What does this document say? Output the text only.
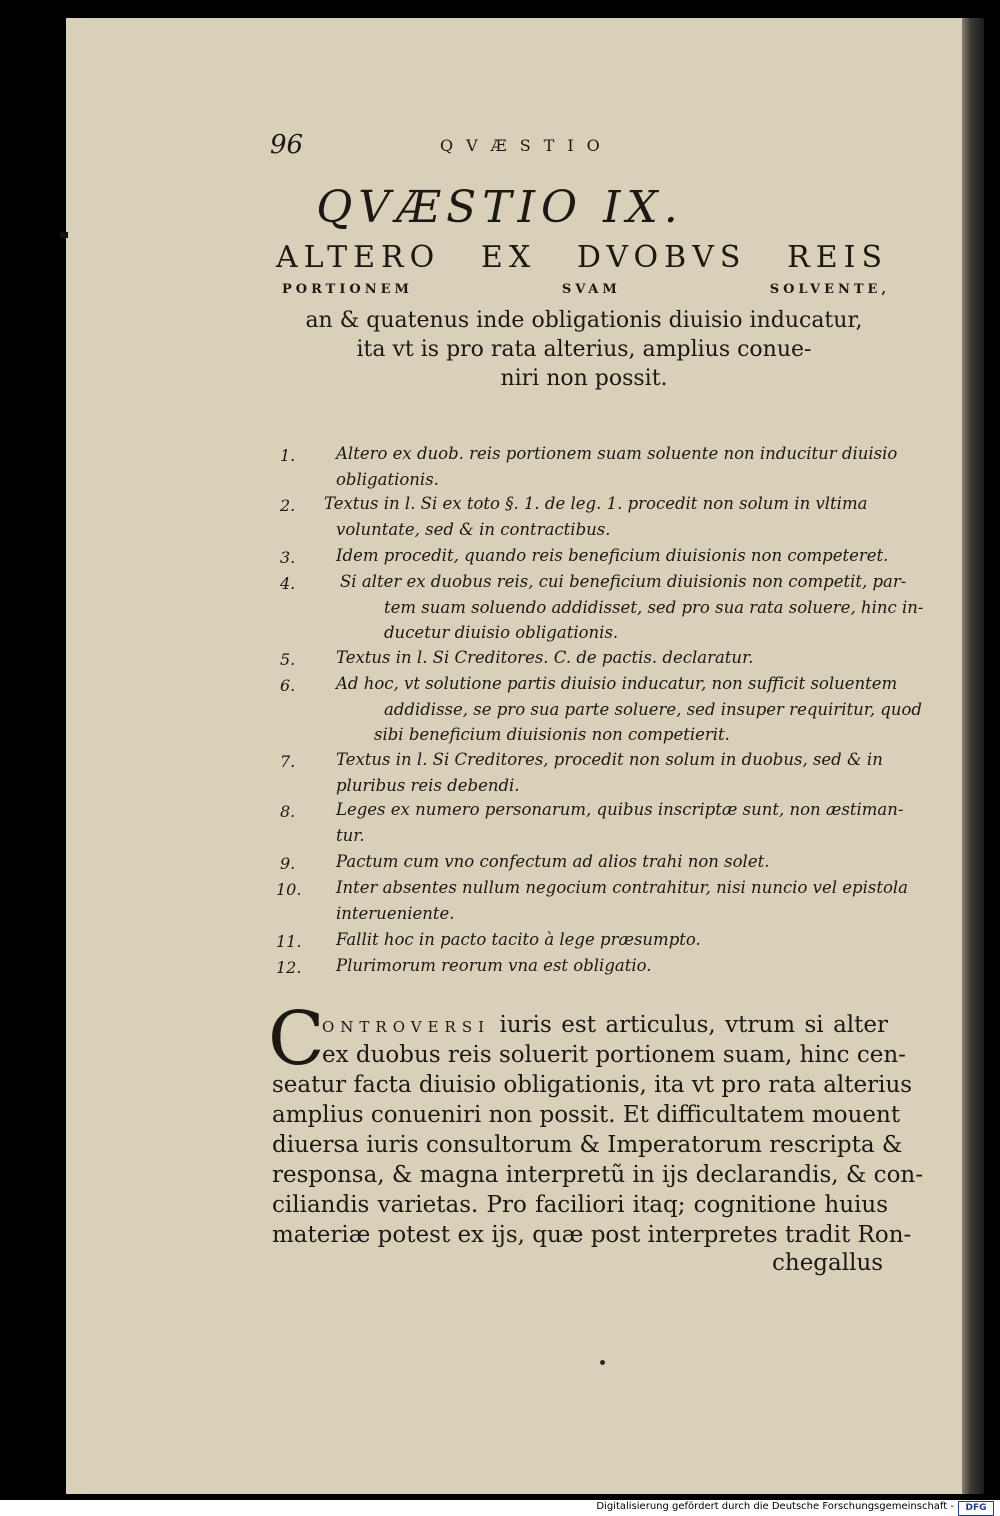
96	QVÆSTIO
QVÆSTIO IX.
ALTERO EX DVOBVS REIS
PORTIONEM SVAM SOLVENTE,
an & quatenus inde obligationis diuisio inducatur,
ita vt is pro rata alterius, amplius conue-
niri non possit.
1. Altero ex duob. reis portionem suam soluente non inducitur diuisio
obligationis.
2. Textus in l. Si ex toto §. 1. de leg. 1. procedit non solum in vltima
voluntate, sed & in contractibus.
3. Idem procedit, quando reis beneficium diuisionis non competeret.
4.	Si alter ex duobus reis, cui beneficium diuisionis non competit, par-
tem suam soluendo addidisset, sed pro sua rata soluere, hinc in-
ducetur diuisio obligationis.
5. Textus in l. Si Creditores. C. de pactis. declaratur.
6. Ad hoc, vt solutione partis diuisio inducatur, non sufficit soluentem
addidisse, se pro sua parte soluere, sed insuper requiritur, quod
sibi beneficium diuisionis non competierit.
7. Textus in l. Si Creditores, procedit non solum in duobus, sed & in
pluribus reis debendi.
8. Leges ex numero personarum, quibus inscriptæ sunt, non æstiman-
tur.
9. Pactum cum vno confectum ad alios trahi non solet.
10. Inter absentes nullum negocium contrahitur, nisi nuncio vel epistola
interueniente.
11. Fallit hoc in pacto tacito à lege præsumpto.
12. Plurimorum reorum vna est obligatio.
C
ONTROVERSI iuris est articulus, vtrum si alter
ex duobus reis soluerit portionem suam, hinc cen-
seatur facta diuisio obligationis, ita vt pro rata alterius
amplius conueniri non possit. Et difficultatem mouent
diuersa iuris consultorum & Imperatorum rescripta &
responsa, & magna interpretũ in ijs declarandis, & con-
ciliandis varietas. Pro faciliori itaq; cognitione huius
materiæ potest ex ijs, quæ post interpretes tradit Ron-
chegallus
Digitalisierung gefördert durch die Deutsche Forschungsgemeinschaft -	DFG
